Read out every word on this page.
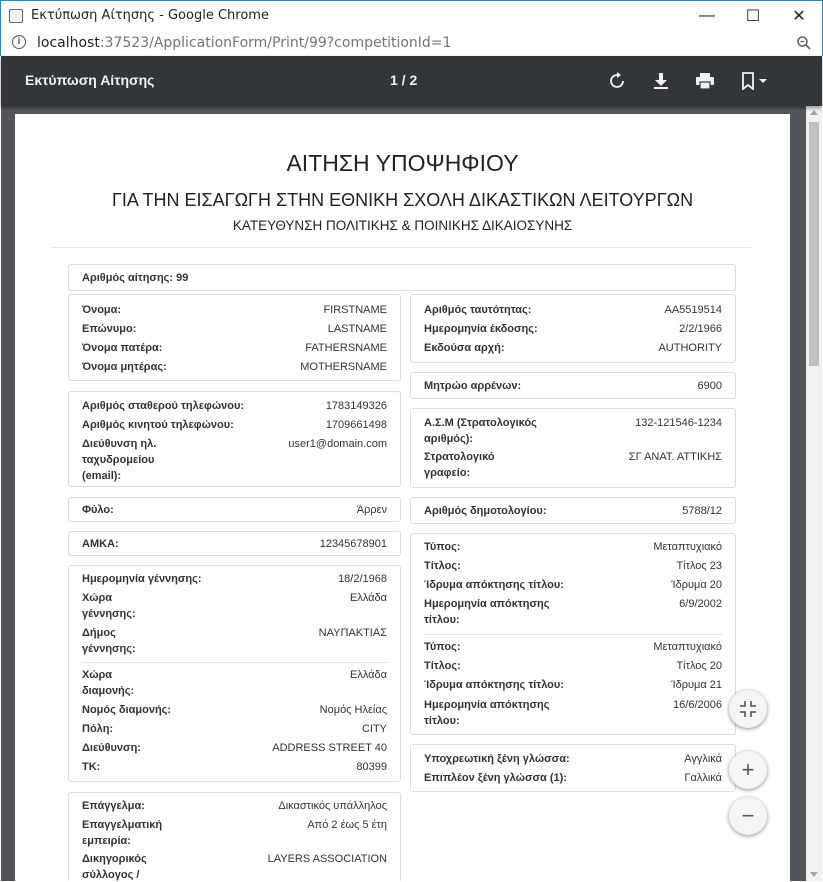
Εκτύπωση Αίτησης - Google Chrome	— ☐ ✕
i	localhost:37523/ApplicationForm/Print/99?competitionId=1
Εκτύπωση Αίτησης	1 / 2
ΑΙΤΗΣΗ ΥΠΟΨΗΦΙΟΥ
ΓΙΑ ΤΗΝ ΕΙΣΑΓΩΓΗ ΣΤΗΝ ΕΘΝΙΚΗ ΣΧΟΛΗ ΔΙΚΑΣΤΙΚΩΝ ΛΕΙΤΟΥΡΓΩΝ
ΚΑΤΕΥΘΥΝΣΗ ΠΟΛΙΤΙΚΗΣ & ΠΟΙΝΙΚΗΣ ΔΙΚΑΙΟΣΥΝΗΣ
Αριθμός αίτησης: 99
Όνομα:	FIRSTNAME
Επώνυμο:	LASTNAME
Όνομα πατέρα:	FATHERSNAME
Όνομα μητέρας:	MOTHERSNAME
Αριθμός σταθερού τηλεφώνου:	1783149326
Αριθμός κινητού τηλεφώνου:	1709661498
Διεύθυνση ηλ.	user1@domain.com
ταχυδρομείου
(email):
Φύλο:	Άρρεν
ΑΜΚΑ:	12345678901
Ημερομηνία γέννησης:	18/2/1968
Χώρα	Ελλάδα
γέννησης:
Δήμος	ΝΑΥΠΑΚΤΙΑΣ
γέννησης:
Χώρα	Ελλάδα
διαμονής:
Νομός διαμονής:	Νομός Ηλείας
Πόλη:	CITY
Διεύθυνση:	ADDRESS STREET 40
ΤΚ:	80399
Επάγγελμα:	Δικαστικός υπάλληλος
Επαγγελματική	Από 2 έως 5 έτη
εμπειρία:
Δικηγορικός	LAYERS ASSOCIATION
σύλλογος /
Αριθμός ταυτότητας:	AA5519514
Ημερομηνία έκδοσης:	2/2/1966
Εκδούσα αρχή:	AUTHORITY
Μητρώο αρρένων:	6900
Α.Σ.Μ (Στρατολογικός	132-121546-1234
αριθμός):
Στρατολογικό	ΣΓ ΑΝΑΤ. ΑΤΤΙΚΗΣ
γραφείο:
Αριθμός δημοτολογίου:	5788/12
Τύπος:	Μεταπτυχιακό
Τίτλος:	Τίτλος 23
Ίδρυμα απόκτησης τίτλου:	Ίδρυμα 20
Ημερομηνία απόκτησης	6/9/2002
τίτλου:
Τύπος:	Μεταπτυχιακό
Τίτλος:	Τίτλος 20
Ίδρυμα απόκτησης τίτλου:	Ίδρυμα 21
Ημερομηνία απόκτησης	16/6/2006
τίτλου:
Υποχρεωτική ξένη γλώσσα:	Αγγλικά
Επιπλέον ξένη γλώσσα (1):	Γαλλικά +
−
